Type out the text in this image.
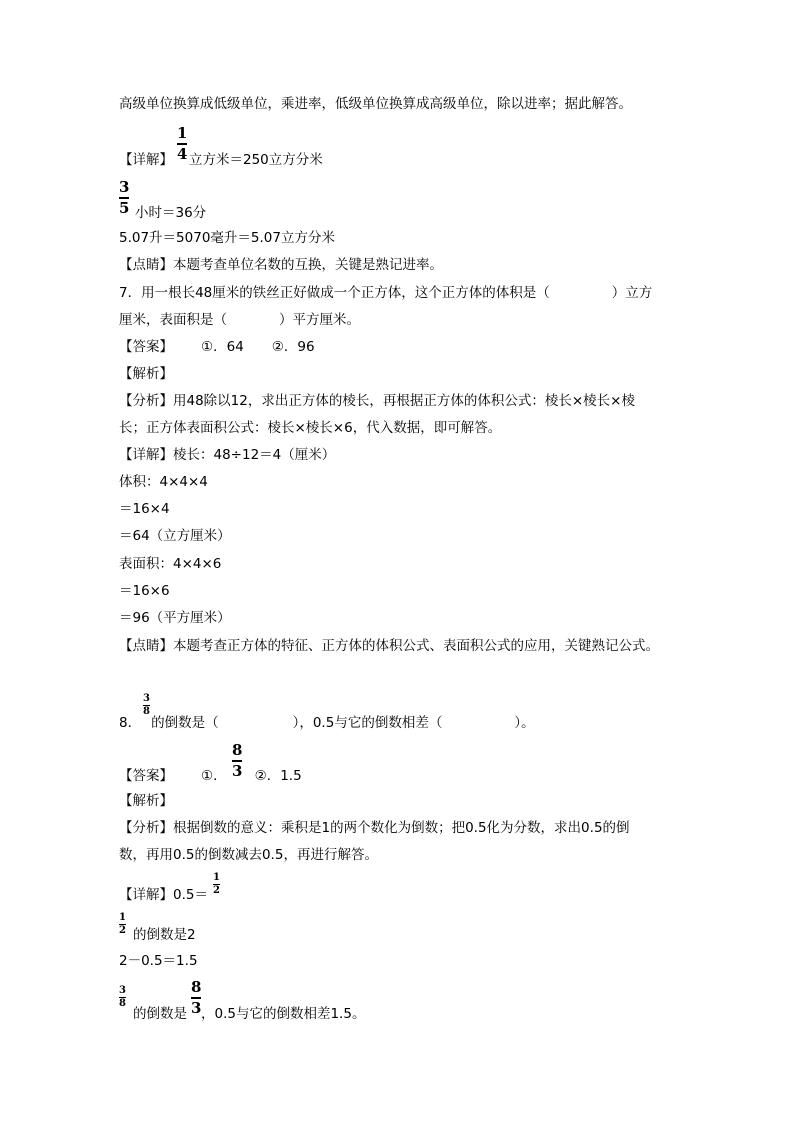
高级单位换算成低级单位，乘进率，低级单位换算成高级单位，除以进率；据此解答。
1
4
【详解】 立方米＝250立方分米
3
5 小时＝36分
5.07升＝5070毫升＝5.07立方分米
【点睛】本题考查单位名数的互换，关键是熟记进率。
7．用一根长48厘米的铁丝正好做成一个正方体，这个正方体的体积是（	）立方
厘米，表面积是（	）平方厘米。
【答案】 ①．64 ②．96
【解析】
【分析】用48除以12，求出正方体的棱长，再根据正方体的体积公式：棱长×棱长×棱
长；正方体表面积公式：棱长×棱长×6，代入数据，即可解答。
【详解】棱长：48÷12＝4（厘米）
体积：4×4×4
＝16×4
＝64（立方厘米）
表面积：4×4×6
＝16×6
＝96（平方厘米）
【点睛】本题考查正方体的特征、正方体的体积公式、表面积公式的应用，关键熟记公式。
3
8
8． 的倒数是（	），0.5与它的倒数相差（	）。
8
3
【答案】 ①． ②．1.5
【解析】
【分析】根据倒数的意义：乘积是1的两个数化为倒数；把0.5化为分数，求出0.5的倒
数，再用0.5的倒数减去0.5，再进行解答。
1
2
【详解】0.5＝
1
2 的倒数是2
2－0.5＝1.5
3
8
8
3
的倒数是 ，0.5与它的倒数相差1.5。
